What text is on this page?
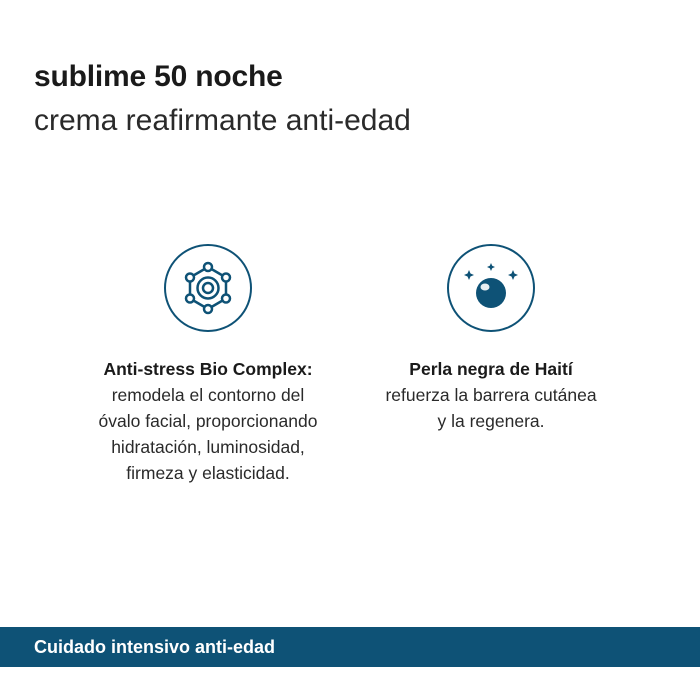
sublime 50 noche
crema reafirmante anti-edad
Anti-stress Bio Complex:
remodela el contorno del
óvalo facial, proporcionando
hidratación, luminosidad,
firmeza y elasticidad.
Perla negra de Haití
refuerza la barrera cutánea
y la regenera.
Cuidado intensivo anti-edad
